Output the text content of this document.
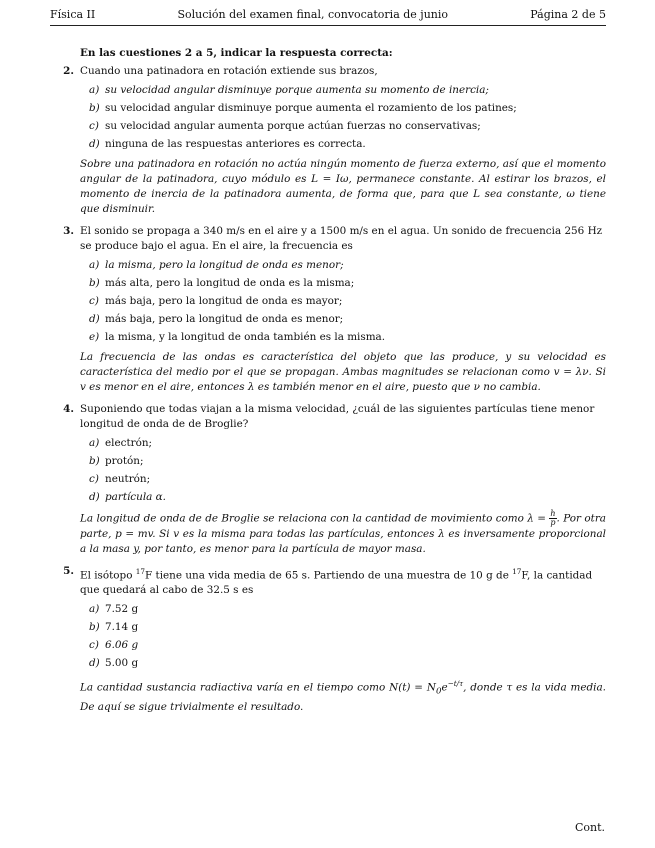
Física II	Solución del examen final, convocatoria de junio	Página 2 de 5
En las cuestiones 2 a 5, indicar la respuesta correcta:
2. Cuando una patinadora en rotación extiende sus brazos,
a) su velocidad angular disminuye porque aumenta su momento de inercia;
b) su velocidad angular disminuye porque aumenta el rozamiento de los patines;
c) su velocidad angular aumenta porque actúan fuerzas no conservativas;
d) ninguna de las respuestas anteriores es correcta.
Sobre una patinadora en rotación no actúa ningún momento de fuerza externo, así que el momento angular de la patinadora, cuyo módulo es L = Iω, permanece constante. Al estirar los brazos, el momento de inercia de la patinadora aumenta, de forma que, para que L sea constante, ω tiene que disminuir.
3. El sonido se propaga a 340 m/s en el aire y a 1500 m/s en el agua. Un sonido de frecuencia 256 Hz se produce bajo el agua. En el aire, la frecuencia es
a) la misma, pero la longitud de onda es menor;
b) más alta, pero la longitud de onda es la misma;
c) más baja, pero la longitud de onda es mayor;
d) más baja, pero la longitud de onda es menor;
e) la misma, y la longitud de onda también es la misma.
La frecuencia de las ondas es característica del objeto que las produce, y su velocidad es característica del medio por el que se propagan. Ambas magnitudes se relacionan como v = λν. Si v es menor en el aire, entonces λ es también menor en el aire, puesto que ν no cambia.
4. Suponiendo que todas viajan a la misma velocidad, ¿cuál de las siguientes partículas tiene menor longitud de onda de de Broglie?
a) electrón;
b) protón;
c) neutrón;
d) partícula α.
La longitud de onda de de Broglie se relaciona con la cantidad de movimiento como $\lambda = \frac{h}{p}$ . Por otra parte, p = mv. Si v es la misma para todas las partículas, entonces λ es inversamente proporcional a la masa y, por tanto, es menor para la partícula de mayor masa.
5. El isótopo $^{17}$F tiene una vida media de 65 s. Partiendo de una muestra de 10 g de $^{17}$F, la cantidad que quedará al cabo de 32.5 s es
a) 7.52 g
b) 7.14 g
c) 6.06 g
d) 5.00 g
La cantidad sustancia radiactiva varía en el tiempo como $N(t) = N_0e^{-t/\tau}$, donde τ es la vida media. De aquí se sigue trivialmente el resultado.
Cont.
